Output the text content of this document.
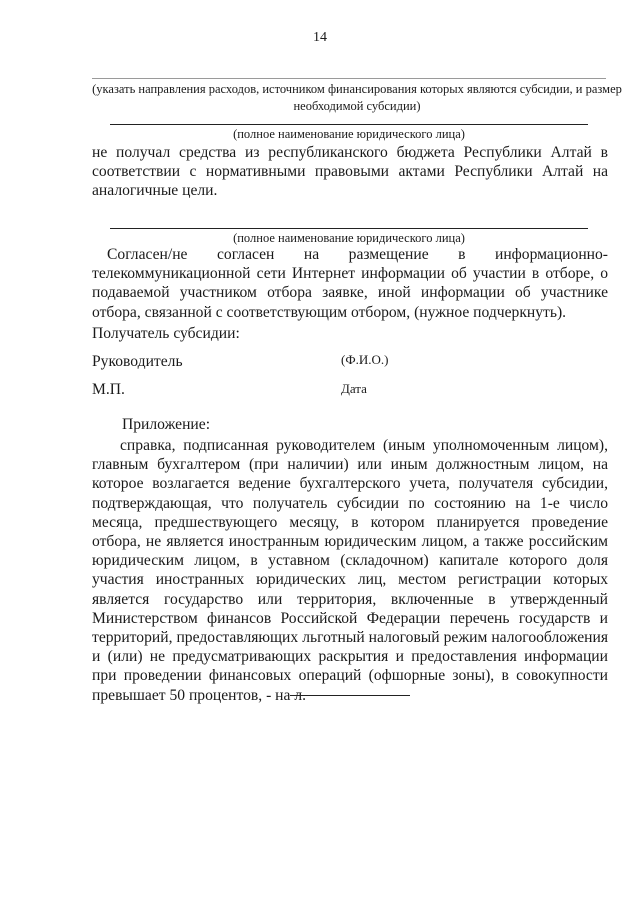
14
(указать направления расходов, источником финансирования которых являются субсидии, и размер необходимой субсидии)
(полное наименование юридического лица)

не получал средства из республиканского бюджета Республики Алтай в соответствии с нормативными правовыми актами Республики Алтай на аналогичные цели.

(полное наименование юридического лица)

Согласен/не согласен на размещение в информационно-телекоммуникационной сети Интернет информации об участии в отборе, о подаваемой участником отбора заявке, иной информации об участнике отбора, связанной с соответствующим отбором, (нужное подчеркнуть).

Получатель субсидии:
Руководитель	(Ф.И.О.)
М.П.	Дата
Приложение:

справка, подписанная руководителем (иным уполномоченным лицом), главным бухгалтером (при наличии) или иным должностным лицом, на которое возлагается ведение бухгалтерского учета, получателя субсидии, подтверждающая, что получатель субсидии по состоянию на 1-е число месяца, предшествующего месяцу, в котором планируется проведение отбора, не является иностранным юридическим лицом, а также российским юридическим лицом, в уставном (складочном) капитале которого доля участия иностранных юридических лиц, местом регистрации которых является государство или территория, включенные в утвержденный Министерством финансов Российской Федерации перечень государств и территорий, предоставляющих льготный налоговый режим налогообложения и (или) не предусматривающих раскрытия и предоставления информации при проведении финансовых операций (офшорные зоны), в совокупности превышает 50 процентов, - на л.
